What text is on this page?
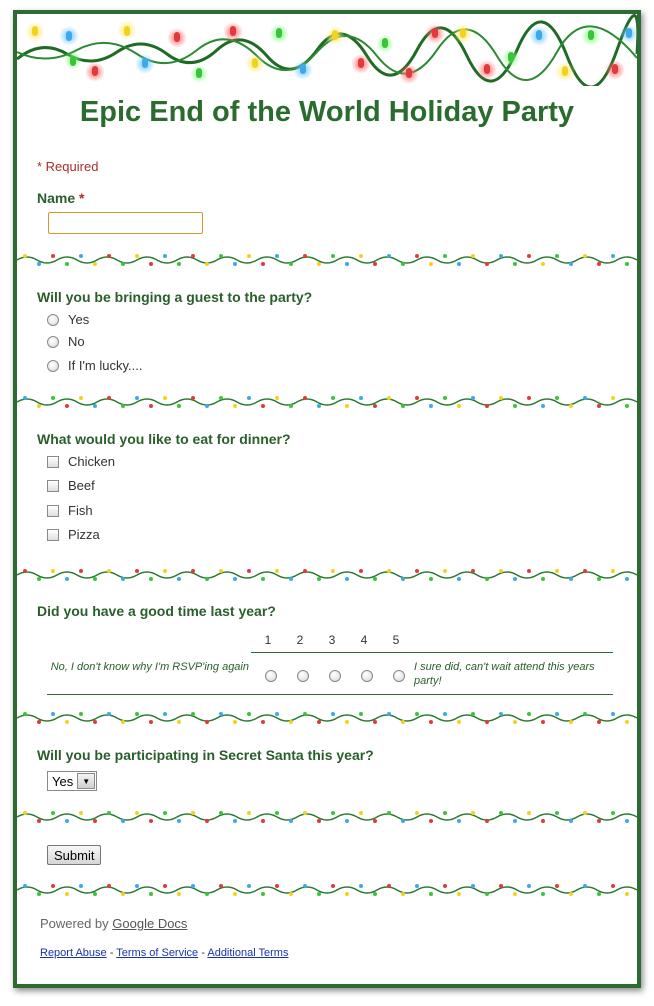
Epic End of the World Holiday Party
* Required
Name *
Will you be bringing a guest to the party?
Yes
No
If I'm lucky....
What would you like to eat for dinner?
Chicken
Beef
Fish
Pizza
Did you have a good time last year?
1 2 3 4 5
No, I don't know why I'm RSVP'ing again	I sure did, can't wait attend this years party!
Will you be participating in Secret Santa this year?
Yes	▼
Submit
Powered by Google Docs
Report Abuse - Terms of Service - Additional Terms
